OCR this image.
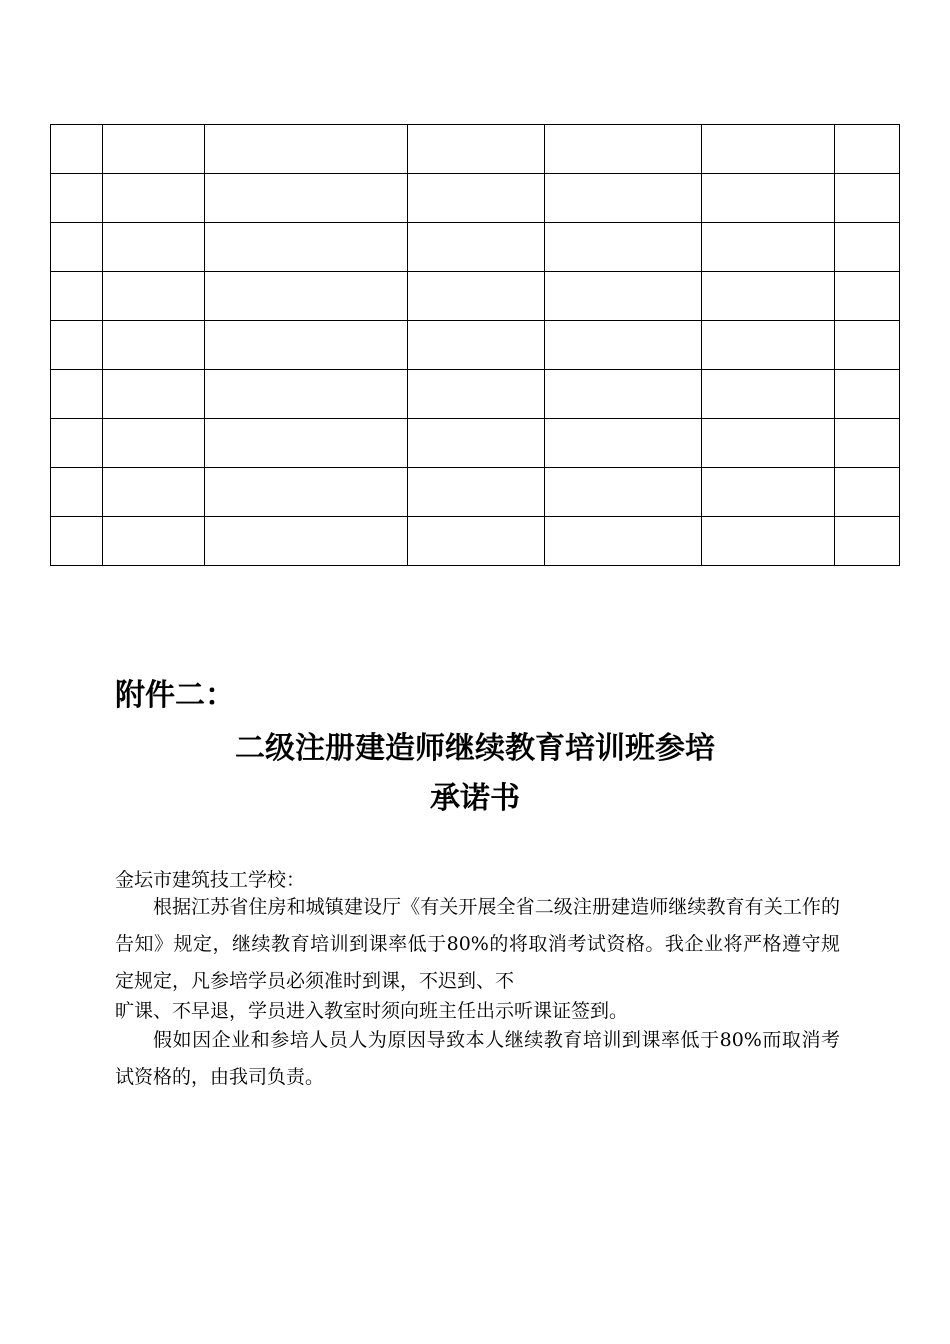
附件二：
二级注册建造师继续教育培训班参培
承诺书

金坛市建筑技工学校：

根据江苏省住房和城镇建设厅《有关开展全省二级注册建造师继续教育有关工作的告知》规定，继续教育培训到课率低于80%的将取消考试资格。我企业将严格遵守规定规定，凡参培学员必须准时到课，不迟到、不

旷课、不早退，学员进入教室时须向班主任出示听课证签到。

假如因企业和参培人员人为原因导致本人继续教育培训到课率低于80%而取消考试资格的，由我司负责。
